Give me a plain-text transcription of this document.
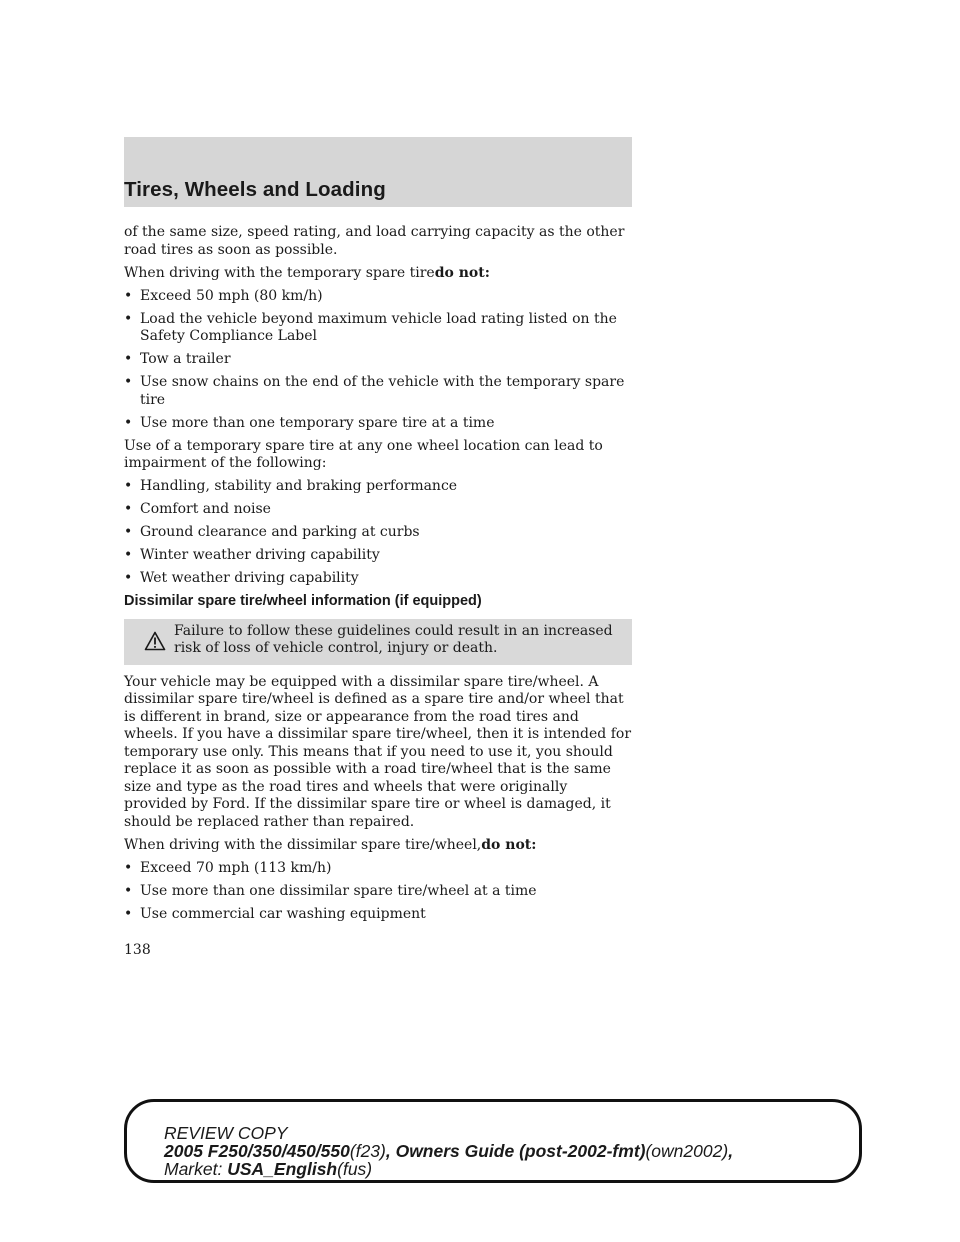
Tires, Wheels and Loading

of the same size, speed rating, and load carrying capacity as the other road tires as soon as possible.

When driving with the temporary spare tiredo not:

• Exceed 50 mph (80 km/h)
• Load the vehicle beyond maximum vehicle load rating listed on the Safety Compliance Label
• Tow a trailer
• Use snow chains on the end of the vehicle with the temporary spare tire
• Use more than one temporary spare tire at a time

Use of a temporary spare tire at any one wheel location can lead to impairment of the following:

• Handling, stability and braking performance
• Comfort and noise
• Ground clearance and parking at curbs
• Winter weather driving capability
• Wet weather driving capability
Dissimilar spare tire/wheel information (if equipped)

Failure to follow these guidelines could result in an increased risk of loss of vehicle control, injury or death.

Your vehicle may be equipped with a dissimilar spare tire/wheel. A dissimilar spare tire/wheel is defined as a spare tire and/or wheel that is different in brand, size or appearance from the road tires and wheels. If you have a dissimilar spare tire/wheel, then it is intended for temporary use only. This means that if you need to use it, you should replace it as soon as possible with a road tire/wheel that is the same size and type as the road tires and wheels that were originally provided by Ford. If the dissimilar spare tire or wheel is damaged, it should be replaced rather than repaired.

When driving with the dissimilar spare tire/wheel,do not:

• Exceed 70 mph (113 km/h)
• Use more than one dissimilar spare tire/wheel at a time
• Use commercial car washing equipment
138
REVIEW COPY
2005 F250/350/450/550(f23), Owners Guide (post-2002-fmt)(own2002),
Market: USA_English(fus)
